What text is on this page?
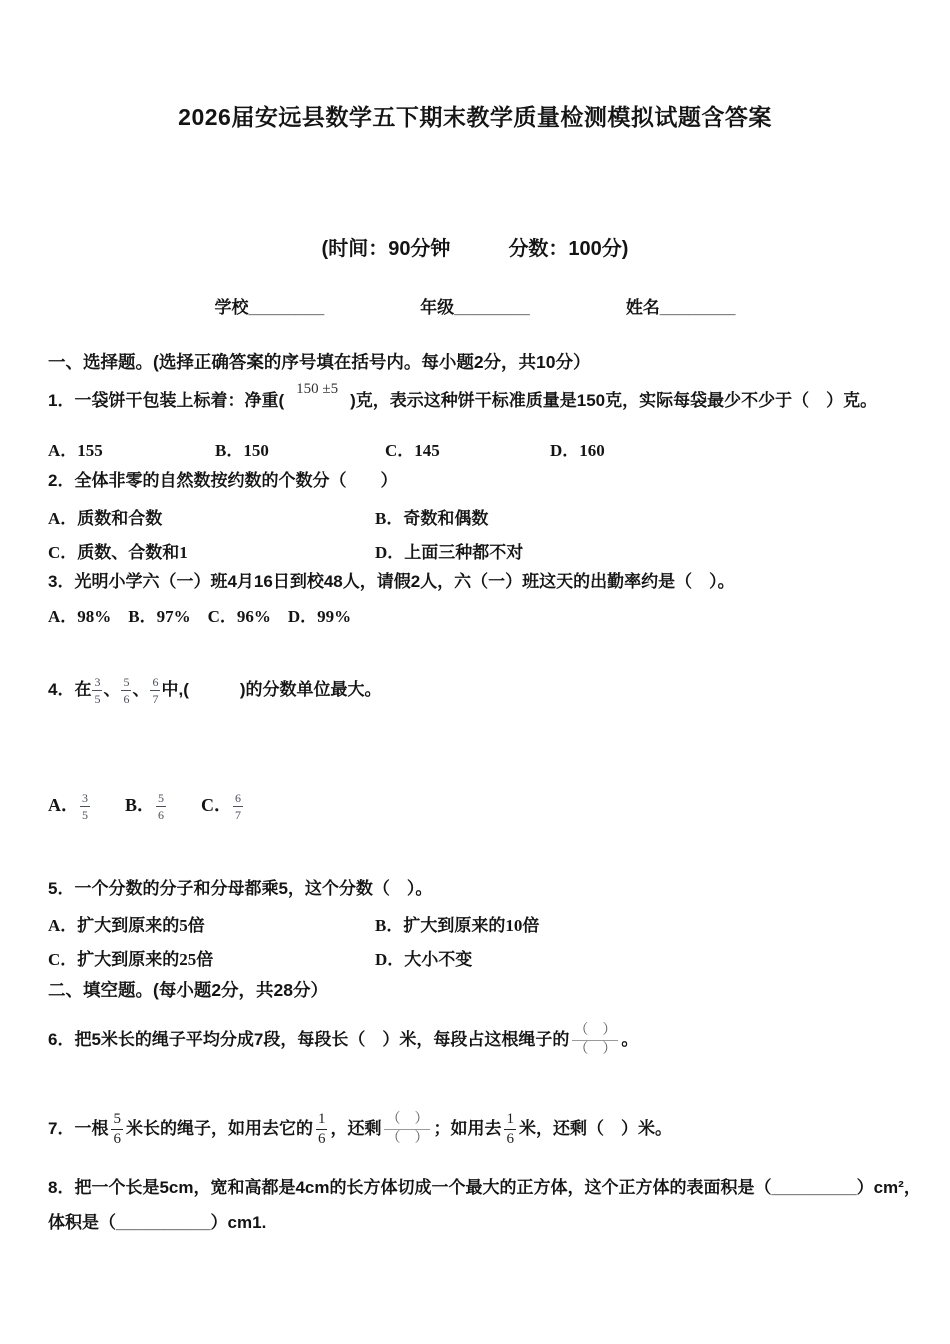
2026届安远县数学五下期末教学质量检测模拟试题含答案
(时间：90分钟	分数：100分)
学校________	年级________	姓名________
一、选择题。(选择正确答案的序号填在括号内。每小题2分，共10分）
1．一袋饼干包装上标着：净重(150 ±5)克，表示这种饼干标准质量是150克，实际每袋最少不少于（　）克。
A．155	B．150	C．145	D．160
2．全体非零的自然数按约数的个数分（　　）
A．质数和合数	B．奇数和偶数
C．质数、合数和1	D．上面三种都不对
3．光明小学六（一）班4月16日到校48人，请假2人，六（一）班这天的出勤率约是（　）。
A．98%　B．97%　C．96%　D．99%
4．在 $\frac{3}{5}$ 、 $\frac{5}{6}$ 、 $\frac{6}{7}$ 中,(　　　)的分数单位最大。
A． $\frac{3}{5}$ B． $\frac{5}{6}$ C． $\frac{6}{7}$
5．一个分数的分子和分母都乘5，这个分数（　）。
A．扩大到原来的5倍	B．扩大到原来的10倍
C．扩大到原来的25倍	D．大小不变
二、填空题。(每小题2分，共28分）
6．把5米长的绳子平均分成7段，每段长（　）米，每段占这根绳子的 $\frac{( )}{( )}$ 。
7．一根 $\frac{5}{6}$ 米长的绳子，如用去它的 $\frac{1}{6}$ ，还剩 $\frac{( )}{( )}$ ；如用去 $\frac{1}{6}$ 米，还剩（　）米。
8．把一个长是5cm，宽和高都是4cm的长方体切成一个最大的正方体，这个正方体的表面积是（_________）cm²，
体积是（__________）cm1.
